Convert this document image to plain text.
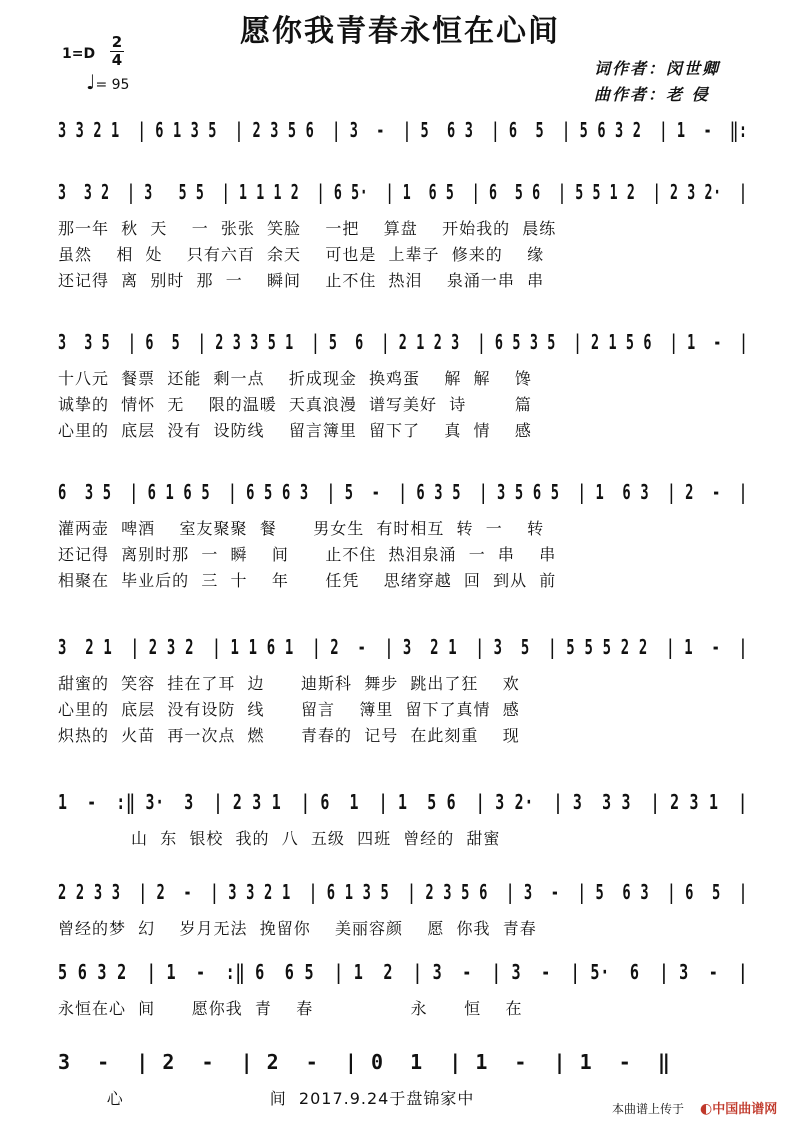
愿你我青春永恒在心间
1=D
2
4
♩= 95
词作者：闵世卿
曲作者：老 侵
3 3 2 1  | 6 1 3 5  | 2 3 5 6  | 3  -  | 5  6 3  | 6  5  | 5 6 3 2  | 1  -  ‖:
3  3 2  | 3   5 5  | 1 1 1 2  | 6 5·  | 1  6 5  | 6  5 6  | 5 5 1 2  | 2 3 2·  |
那一年  秋  天    一  张张  笑脸    一把    算盘    开始我的  晨练
虽然    相  处    只有六百  余天    可也是  上辈子  修来的    缘
还记得  离  别时  那  一    瞬间    止不住  热泪    泉涌一串  串
3  3 5  | 6  5  | 2 3 3 5 1  | 5  6  | 2 1 2 3  | 6 5 3 5  | 2 1 5 6  | 1  -  |
十八元  餐票  还能  剩一点    折成现金  换鸡蛋    解  解    馋
诚挚的  情怀  无    限的温暖  天真浪漫  谱写美好  诗        篇
心里的  底层  没有  设防线    留言簿里  留下了    真  情    感
6  3 5  | 6 1 6 5  | 6 5 6 3  | 5  -  | 6 3 5  | 3 5 6 5  | 1  6 3  | 2  -  |
灌两壶  啤酒    室友聚聚  餐      男女生  有时相互  转  一    转
还记得  离别时那  一  瞬    间      止不住  热泪泉涌  一  串    串
相聚在  毕业后的  三  十    年      任凭    思绪穿越  回  到从  前
3  2 1  | 2 3 2  | 1 1 6 1  | 2  -  | 3  2 1  | 3  5  | 5 5 5 2 2  | 1  -  |
甜蜜的  笑容  挂在了耳  边      迪斯科  舞步  跳出了狂    欢
心里的  底层  没有设防  线      留言    簿里  留下了真情  感
炽热的  火苗  再一次点  燃      青春的  记号  在此刻重    现
1  -  :‖ 3·  3  | 2 3 1  | 6  1  | 1  5 6  | 3 2·  | 3  3 3  | 2 3 1  |
山  东  银校  我的  八  五级  四班  曾经的  甜蜜
2 2 3 3  | 2  -  | 3 3 2 1  | 6 1 3 5  | 2 3 5 6  | 3  -  | 5  6 3  | 6  5  |
曾经的梦  幻    岁月无法  挽留你    美丽容颜    愿  你我  青春
5 6 3 2  | 1  -  :‖ 6  6 5  | 1  2  | 3  -  | 3  -  | 5·  6  | 3  -  |
永恒在心  间      愿你我  青    春                永      恒    在
3  -  | 2  -  | 2  -  | 0  1  | 1  -  | 1  -  ‖
心                        间  2017.9.24于盘锦家中
本曲谱上传于 ◐中国曲谱网
